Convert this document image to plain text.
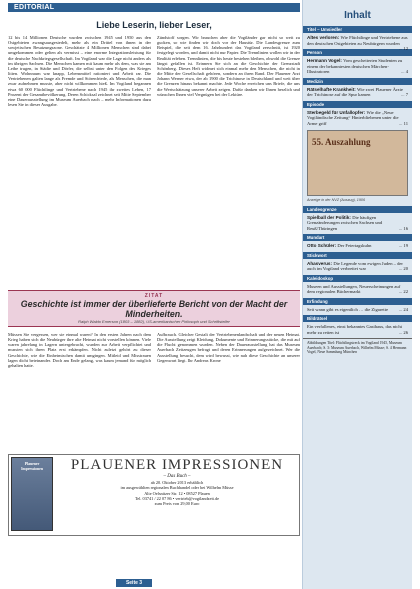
EDITORIAL
Liebe Leserin, lieber Leser,

12 bis 14 Millionen Deutsche wurden zwischen 1945 und 1950 aus den Ostgebieten zwangsausgesiedelt, mehr als ein Drittel von ihnen in der sowjetischen Besatzungszone. Geschätzte 4 Millionen Menschen sind dabei umgekommen oder gelten als vermisst – eine enorme Integrationsleistung für die deutsche Nachkriegsgesellschaft. Im Vogtland war die Lage nicht anders als im übrigen Sachsen. Die Menschen kamen mit kaum mehr als dem, was sie am Leibe trugen, in Städte und Dörfer, die selbst unter den Folgen des Krieges litten. Wohnraum war knapp, Lebensmittel rationiert und Arbeit rar. Die Vertriebenen galten lange als Fremde und Störenfriede, als Menschen, die man zwar aufnehmen musste, aber nicht willkommen hieß. Im Vogtland begannen etwa 60 000 Flüchtlinge und Vertriebene nach 1945 ihr zweites Leben, 17 Prozent der Gesamtbevölkerung. Deren Schicksal zeichnet seit Mitte September eine Dauerausstellung im Museum Auerbach nach – mehr Informationen dazu lesen Sie in dieser Ausgabe.

Zündstoff sorgen. Wir brauchen aber die Vogtländer gar nicht so weit zu gucken, so wie finden wir doch vor der Haustür. Die Landesgrenze zum Beispiel, die seit dem 16. Jahrhundert das Vogtland zerschnitt, ist 1920 festgelegt worden, und damit nicht nur Papier. Die Trennlinien wollen wir in der Realität erleben. Trennlinien, die bis heute bestehen bleiben, obwohl die Grenze längst gefallen ist. Erinnern Sie sich an die Geschichte der Grenzstadt Schönberg. Dieses Heft widmet sich einmal mehr den Menschen, die nicht in die Mitte der Gesellschaft gehören, sondern an ihren Rand. Der Plauener Arzt Johann Werner etwa, der ab 1900 die Trichinose in Deutschland und weit über die Grenzen hinaus bekannt machte. Jede Woche erreichen uns Briefe, die uns die Wertschätzung unserer Arbeit zeigen. Dafür danken wir Ihnen herzlich und wünschen Ihnen viel Vergnügen bei der Lektüre.

ZITAT
Geschichte ist immer der überlieferte Bericht von der Macht der Minderheiten.
Ralph Waldo Emerson (1803 – 1882), US-amerikanischer Philosoph und Schriftsteller

Müssen Sie vergessen, wer sie einmal waren? In den ersten Jahren nach dem Krieg haben sich die Neubürger ihre alte Heimat nicht vorstellen können. Viele waren jahrelang in Lagern untergebracht, wurden zur Arbeit verpflichtet und mussten sich ihren Platz erst erkämpfen. Nicht zuletzt gehört zu dieser Geschichte, wie die Einheimischen damit umgingen. Mitleid und Misstrauen lagen dicht beieinander. Doch am Ende gelang, was kaum jemand für möglich gehalten hatte.

Aufbrauch. Gleicher Gestalt der Vertriebenenlandschaft und der neuen Heimat. Die Ausstellung zeigt Kleidung, Dokumente und Erinnerungsstücke, die mit auf die Flucht genommen wurden. Neben der Dauerausstellung hat das Museum Auerbach Zeitzeugen befragt und deren Erinnerungen aufgezeichnet. Wer die Ausstellung besucht, dem wird bewusst, wie nah diese Geschichte an unserer Gegenwart liegt. Ihr Andreas Krone

Plauener Impressionen	PLAUENER IMPRESSIONEN
– Das Buch –
ab 20. Oktober 2013 erhältlich
im ausgewählten regionalen Buchhandel oder bei Wilhelm Müsse
Alte Oelsnitzer Str. 12 • 08527 Plauen
Tel. 03741 / 22 07 86 • vertrieb@vogtlandzeit.de
zum Preis von 29,00 Euro
Seite 3
Inhalt
Titel – Umsiedler
Altes verloren: Wie Flüchtlinge und Vertriebene aus den deutschen Ostgebieten zu Neubürgern wurden
... 12
Person
Hermann Vogel: Vom gescheiterten Studenten zu einem der bekanntesten deutschen Märchen-Illustratoren	... 4
Medizin
Rätselhafte Krankheit: Wie zwei Plauener Ärzte der Trichinose auf die Spur kamen	... 7
Episode
Sterbegeld für Unfallopfer: Wie die „Neue Vogtländische Zeitung“ Hinterbliebenen unter die Arme griff	... 11
55. Auszahlung
Anzeige in der NVZ (Auszug), 1906
Landesgrenze
Spielball der Politik: Die häufigen Grenzänderungen zwischen Sachsen und Reuß/Thüringen	... 16
Mundart
Otto Schüler: Der Feiertagskuhn	... 19
Stickwort
Ahasverus: Die Legende vom ewigen Juden – der auch im Vogtland verbreitet war	... 20
Kaleidoskop
Museen und Ausstellungen, Neuerscheinungen auf dem regionalen Büchermarkt	... 22
Erfindung
Seit wann gibt es eigentlich … die Zigarette ... 24
Bildrätsel
Ein verfallenes, einst bekanntes Gasthaus, das nicht mehr zu retten ist	... 26
Abbildungen Titel: Flüchtlingstreck im Vogtland 1945, Museum Auerbach; S. 3: Museum Auerbach, Wilhelm Müsse; S. 4 Hermann Vogel, Neue Sammlung München
